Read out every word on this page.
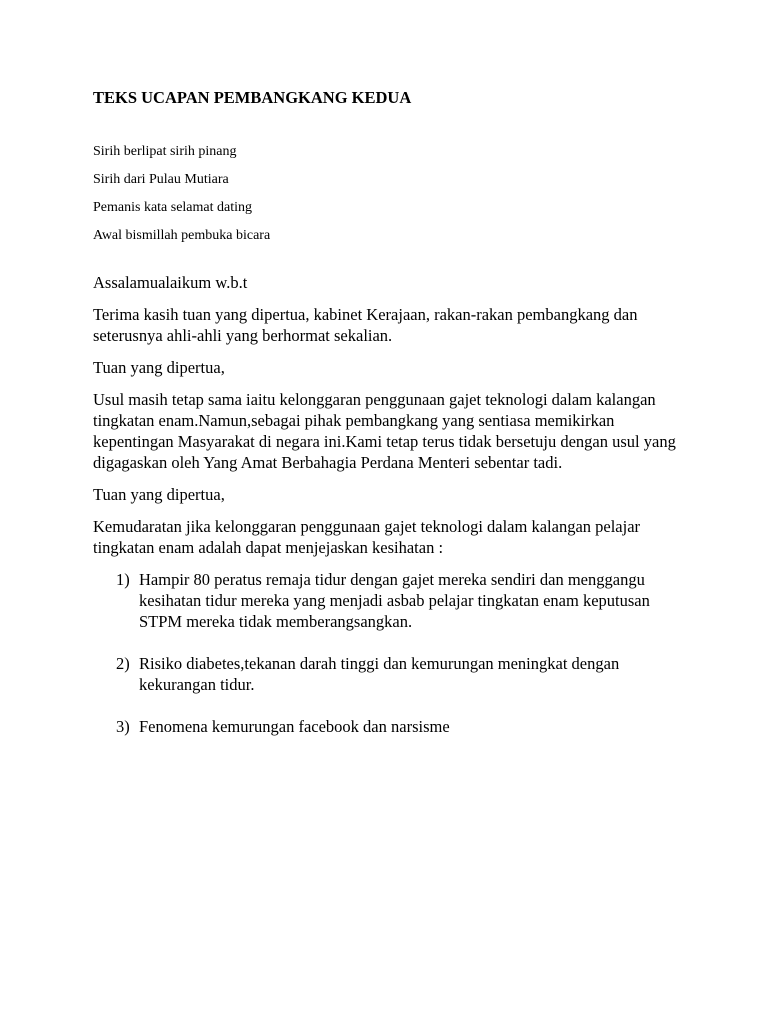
TEKS UCAPAN PEMBANGKANG KEDUA

Sirih berlipat sirih pinang

Sirih dari Pulau Mutiara

Pemanis kata selamat dating

Awal bismillah pembuka bicara

Assalamualaikum w.b.t

Terima kasih tuan yang dipertua, kabinet Kerajaan, rakan-rakan pembangkang dan seterusnya ahli-ahli yang berhormat sekalian.

Tuan yang dipertua,

Usul masih tetap sama iaitu kelonggaran penggunaan gajet teknologi dalam kalangan tingkatan enam.Namun,sebagai pihak pembangkang yang sentiasa memikirkan kepentingan Masyarakat di negara ini.Kami tetap terus tidak bersetuju dengan usul yang digagaskan oleh Yang Amat Berbahagia Perdana Menteri sebentar tadi.

Tuan yang dipertua,

Kemudaratan jika kelonggaran penggunaan gajet teknologi dalam kalangan pelajar tingkatan enam adalah dapat menjejaskan kesihatan :

1) Hampir 80 peratus remaja tidur dengan gajet mereka sendiri dan menggangu kesihatan tidur mereka yang menjadi asbab pelajar tingkatan enam keputusan STPM mereka tidak memberangsangkan.
2) Risiko diabetes,tekanan darah tinggi dan kemurungan meningkat dengan kekurangan tidur.
3) Fenomena kemurungan facebook dan narsisme
